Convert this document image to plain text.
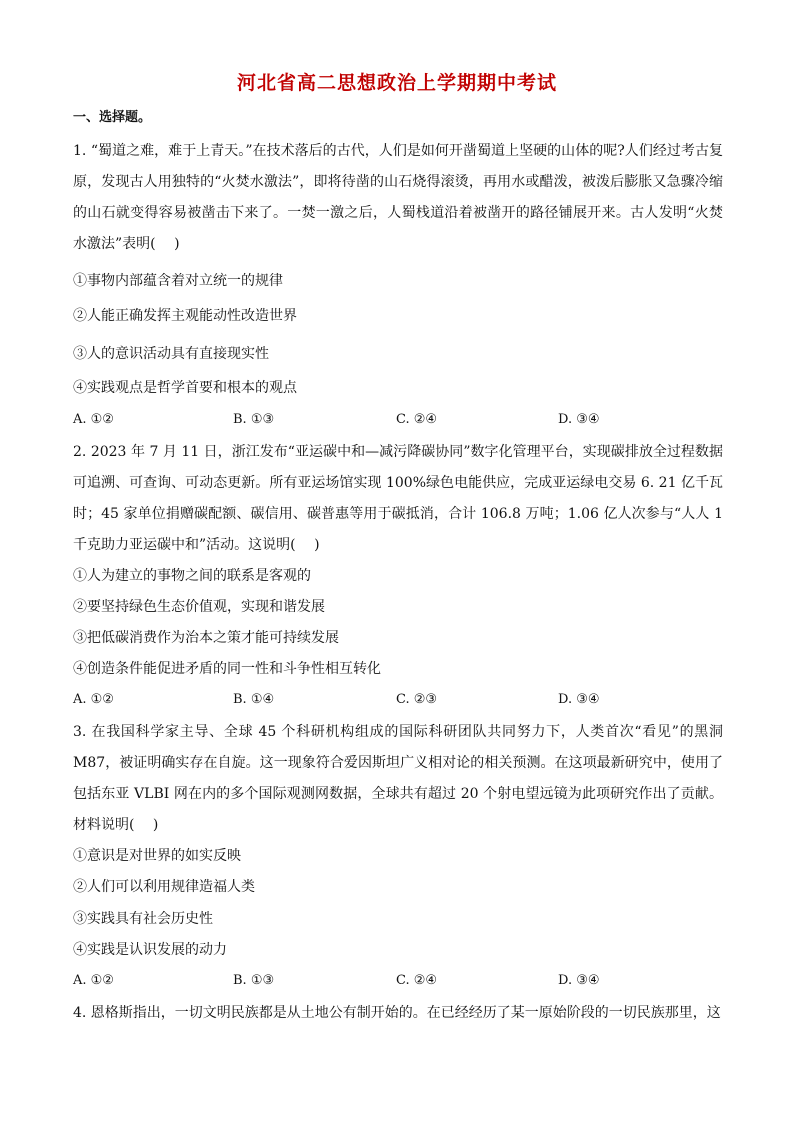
河北省高二思想政治上学期期中考试
一、选择题。
1. “蜀道之难，难于上青天。”在技术落后的古代，人们是如何开凿蜀道上坚硬的山体的呢?人们经过考古复原，发现古人用独特的“火焚水激法”，即将待凿的山石烧得滚烫，再用水或醋泼，被泼后膨胀又急骤冷缩的山石就变得容易被凿击下来了。一焚一激之后，人蜀栈道沿着被凿开的路径铺展开来。古人发明“火焚水激法”表明(　 )
①事物内部蕴含着对立统一的规律
②人能正确发挥主观能动性改造世界
③人的意识活动具有直接现实性
④实践观点是哲学首要和根本的观点
A. ①②	B. ①③	C. ②④	D. ③④
2. 2023 年 7 月 11 日，浙江发布“亚运碳中和—减污降碳协同”数字化管理平台，实现碳排放全过程数据可追溯、可查询、可动态更新。所有亚运场馆实现 100%绿色电能供应，完成亚运绿电交易 6. 21 亿千瓦时；45 家单位捐赠碳配额、碳信用、碳普惠等用于碳抵消，合计 106.8 万吨；1.06 亿人次参与“人人 1 千克助力亚运碳中和”活动。这说明(　 )
①人为建立的事物之间的联系是客观的
②要坚持绿色生态价值观，实现和谐发展
③把低碳消费作为治本之策才能可持续发展
④创造条件能促进矛盾的同一性和斗争性相互转化
A. ①②	B. ①④	C. ②③	D. ③④
3. 在我国科学家主导、全球 45 个科研机构组成的国际科研团队共同努力下，人类首次“看见”的黑洞 M87，被证明确实存在自旋。这一现象符合爱因斯坦广义相对论的相关预测。在这项最新研究中，使用了包括东亚 VLBI 网在内的多个国际观测网数据，全球共有超过 20 个射电望远镜为此项研究作出了贡献。材料说明(　 )
①意识是对世界的如实反映
②人们可以利用规律造福人类
③实践具有社会历史性
④实践是认识发展的动力
A. ①②	B. ①③	C. ②④	D. ③④
4. 恩格斯指出，一切文明民族都是从土地公有制开始的。在已经经历了某一原始阶段的一切民族那里，这
